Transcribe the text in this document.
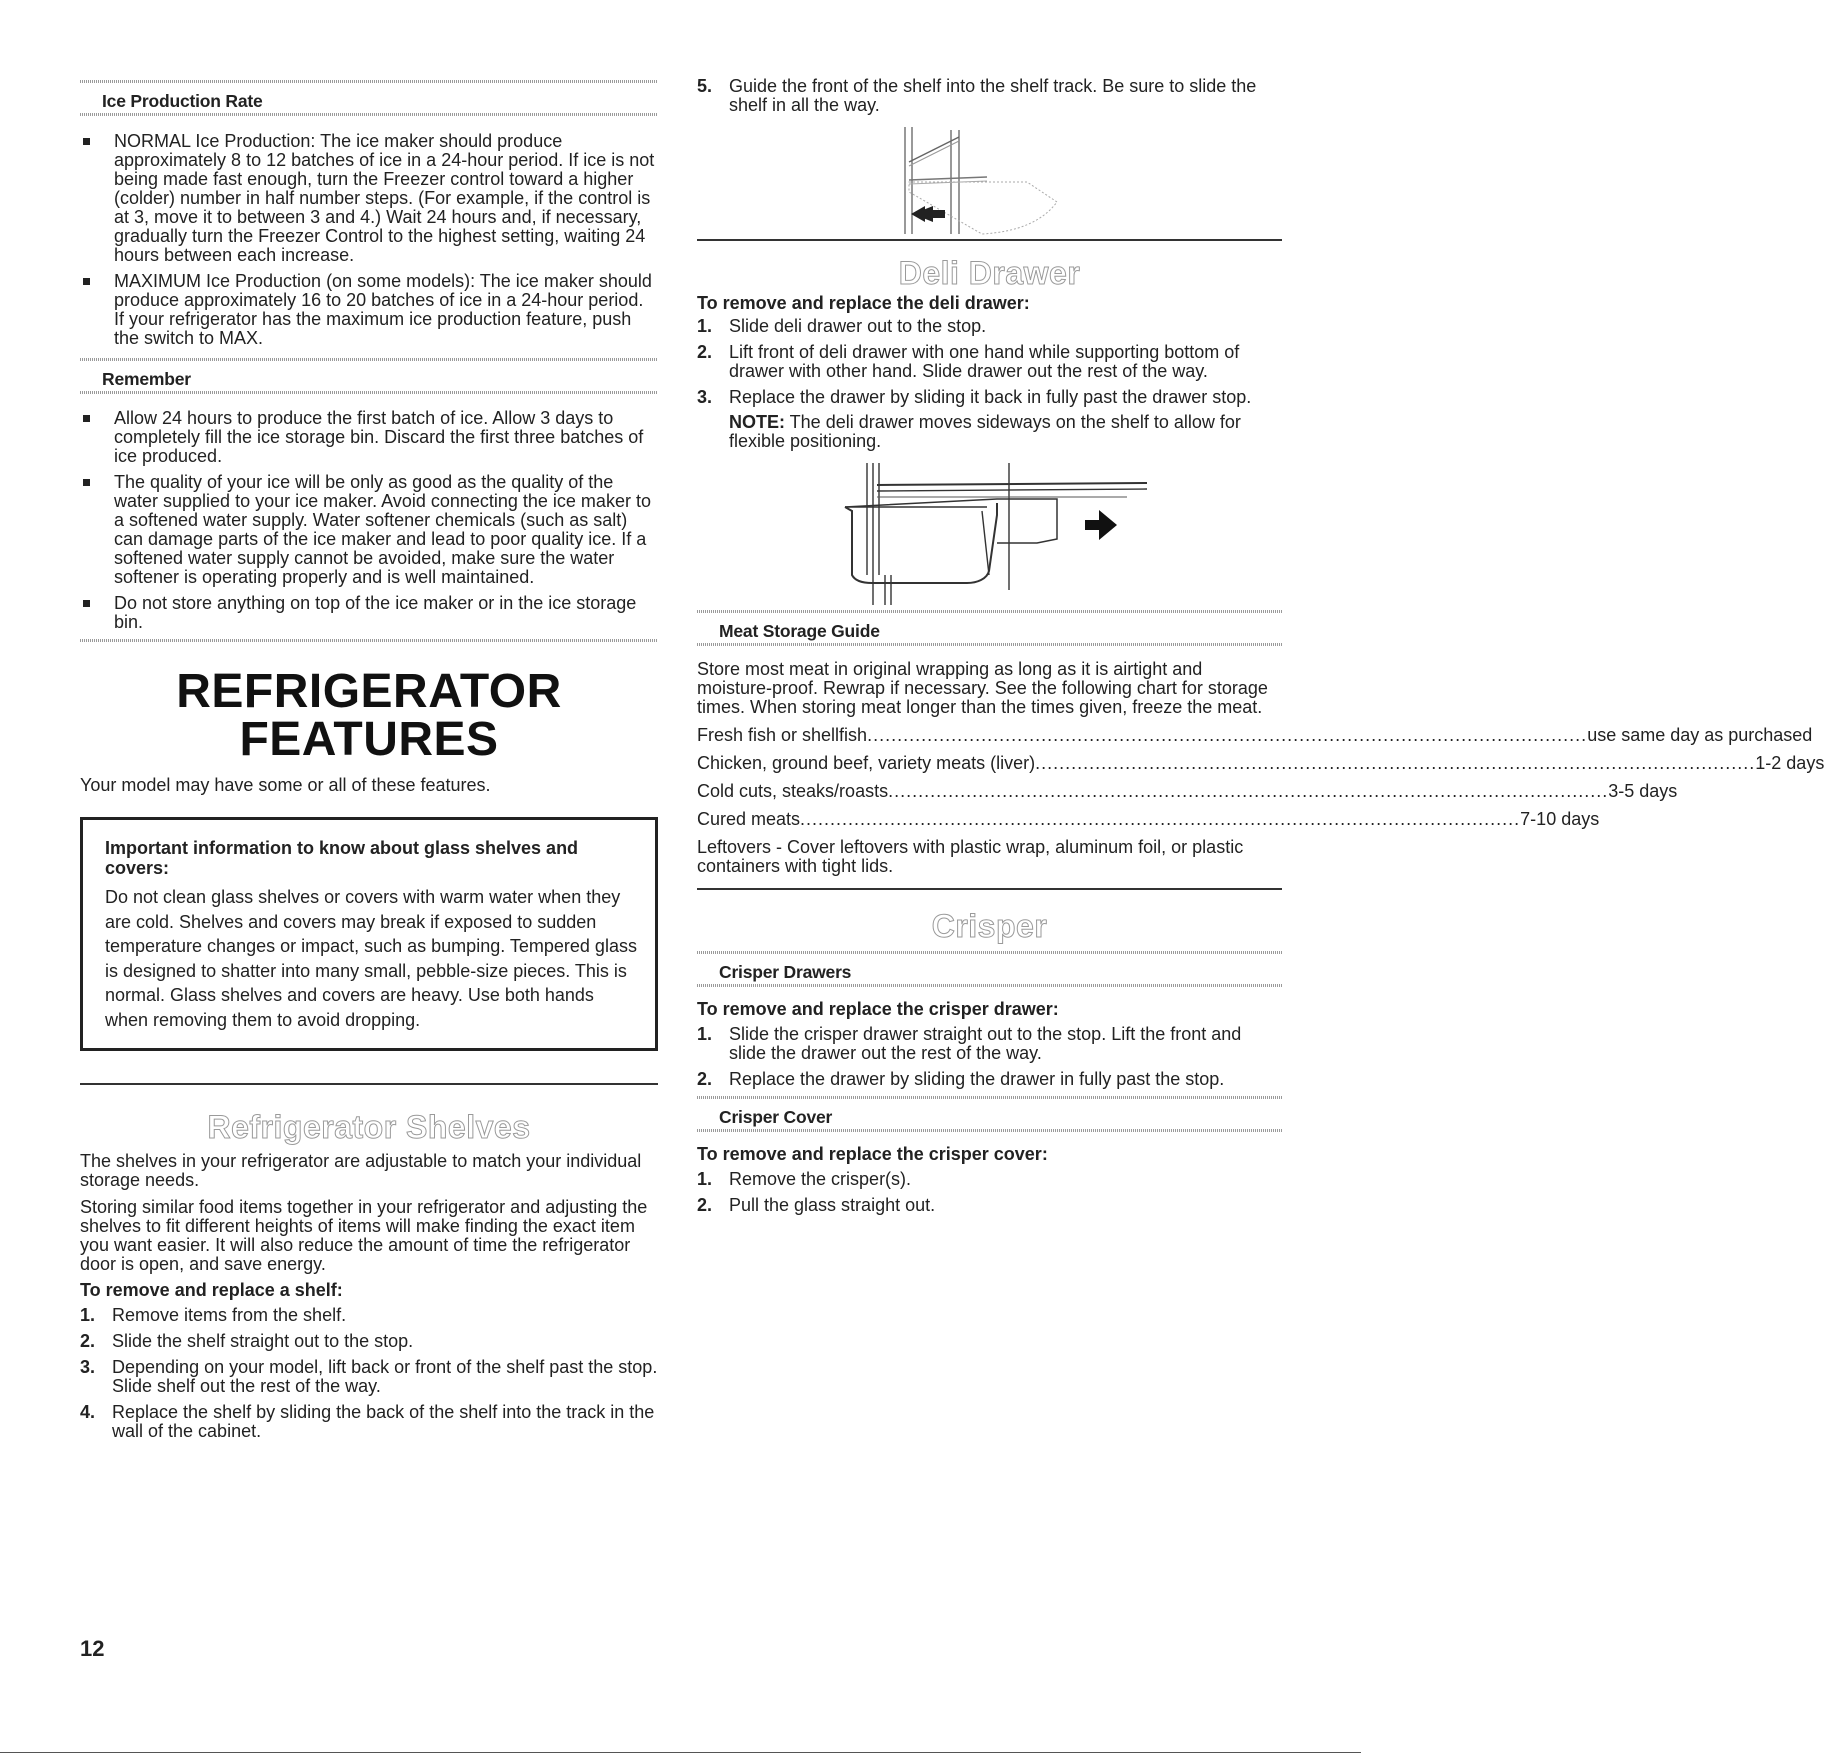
Ice Production Rate
NORMAL Ice Production: The ice maker should produce approximately 8 to 12 batches of ice in a 24-hour period. If ice is not being made fast enough, turn the Freezer control toward a higher (colder) number in half number steps. (For example, if the control is at 3, move it to between 3 and 4.) Wait 24 hours and, if necessary, gradually turn the Freezer Control to the highest setting, waiting 24 hours between each increase.
MAXIMUM Ice Production (on some models): The ice maker should produce approximately 16 to 20 batches of ice in a 24-hour period. If your refrigerator has the maximum ice production feature, push the switch to MAX.
Remember
Allow 24 hours to produce the first batch of ice. Allow 3 days to completely fill the ice storage bin. Discard the first three batches of ice produced.
The quality of your ice will be only as good as the quality of the water supplied to your ice maker. Avoid connecting the ice maker to a softened water supply. Water softener chemicals (such as salt) can damage parts of the ice maker and lead to poor quality ice. If a softened water supply cannot be avoided, make sure the water softener is operating properly and is well maintained.
Do not store anything on top of the ice maker or in the ice storage bin.
REFRIGERATOR
FEATURES

Your model may have some or all of these features.

Important information to know about glass shelves and covers:

Do not clean glass shelves or covers with warm water when they are cold. Shelves and covers may break if exposed to sudden temperature changes or impact, such as bumping. Tempered glass is designed to shatter into many small, pebble-size pieces. This is normal. Glass shelves and covers are heavy. Use both hands when removing them to avoid dropping.

Refrigerator Shelves

The shelves in your refrigerator are adjustable to match your individual storage needs.

Storing similar food items together in your refrigerator and adjusting the shelves to fit different heights of items will make finding the exact item you want easier. It will also reduce the amount of time the refrigerator door is open, and save energy.

To remove and replace a shelf:

1. Remove items from the shelf.
2. Slide the shelf straight out to the stop.
3. Depending on your model, lift back or front of the shelf past the stop. Slide shelf out the rest of the way.
4. Replace the shelf by sliding the back of the shelf into the track in the wall of the cabinet.
5. Guide the front of the shelf into the shelf track. Be sure to slide the shelf in all the way.
Deli Drawer

To remove and replace the deli drawer:

1. Slide deli drawer out to the stop.
2. Lift front of deli drawer with one hand while supporting bottom of drawer with other hand. Slide drawer out the rest of the way.
3. Replace the drawer by sliding it back in fully past the drawer stop.

NOTE: The deli drawer moves sideways on the shelf to allow for flexible positioning.

Meat Storage Guide

Store most meat in original wrapping as long as it is airtight and moisture-proof. Rewrap if necessary. See the following chart for storage times. When storing meat longer than the times given, freeze the meat.

Fresh fish or shellfish ........................................................................................................................ use same day as purchased
Chicken, ground beef, variety meats (liver) ........................................................................................................................ 1-2 days
Cold cuts, steaks/roasts ........................................................................................................................ 3-5 days
Cured meats ........................................................................................................................ 7-10 days

Leftovers - Cover leftovers with plastic wrap, aluminum foil, or plastic containers with tight lids.

Crisper
Crisper Drawers

To remove and replace the crisper drawer:

1. Slide the crisper drawer straight out to the stop. Lift the front and slide the drawer out the rest of the way.
2. Replace the drawer by sliding the drawer in fully past the stop.
Crisper Cover

To remove and replace the crisper cover:

1. Remove the crisper(s).
2. Pull the glass straight out.
12
